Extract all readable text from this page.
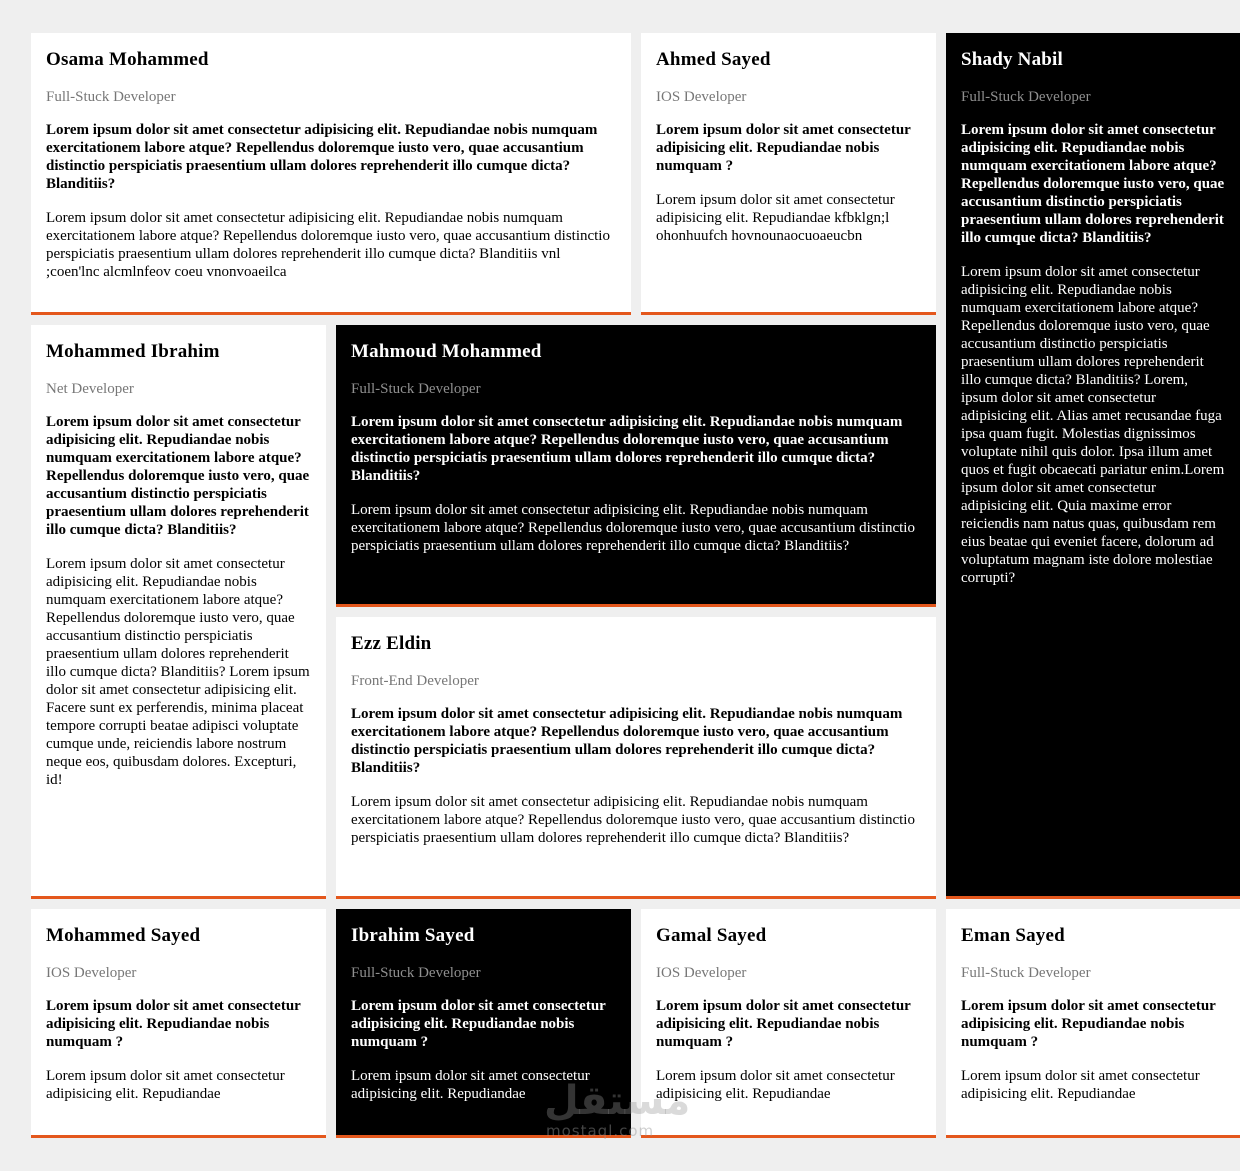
Osama Mohammed

Full-Stuck Developer

Lorem ipsum dolor sit amet consectetur adipisicing elit. Repudiandae nobis numquam exercitationem labore atque? Repellendus doloremque iusto vero, quae accusantium distinctio perspiciatis praesentium ullam dolores reprehenderit illo cumque dicta? Blanditiis?

Lorem ipsum dolor sit amet consectetur adipisicing elit. Repudiandae nobis numquam exercitationem labore atque? Repellendus doloremque iusto vero, quae accusantium distinctio perspiciatis praesentium ullam dolores reprehenderit illo cumque dicta? Blanditiis vnl ;coen'lnc alcmlnfeov coeu vnonvoaeilca

Ahmed Sayed

IOS Developer

Lorem ipsum dolor sit amet consectetur adipisicing elit. Repudiandae nobis numquam ?

Lorem ipsum dolor sit amet consectetur adipisicing elit. Repudiandae kfbklgn;l ohonhuufch hovnounaocuoaeucbn

Shady Nabil

Full-Stuck Developer

Lorem ipsum dolor sit amet consectetur adipisicing elit. Repudiandae nobis numquam exercitationem labore atque? Repellendus doloremque iusto vero, quae accusantium distinctio perspiciatis praesentium ullam dolores reprehenderit illo cumque dicta? Blanditiis?

Lorem ipsum dolor sit amet consectetur adipisicing elit. Repudiandae nobis numquam exercitationem labore atque? Repellendus doloremque iusto vero, quae accusantium distinctio perspiciatis praesentium ullam dolores reprehenderit illo cumque dicta? Blanditiis? Lorem, ipsum dolor sit amet consectetur adipisicing elit. Alias amet recusandae fuga ipsa quam fugit. Molestias dignissimos voluptate nihil quis dolor. Ipsa illum amet quos et fugit obcaecati pariatur enim.Lorem ipsum dolor sit amet consectetur adipisicing elit. Quia maxime error reiciendis nam natus quas, quibusdam rem eius beatae qui eveniet facere, dolorum ad voluptatum magnam iste dolore molestiae corrupti?

Mohammed Ibrahim

Net Developer

Lorem ipsum dolor sit amet consectetur adipisicing elit. Repudiandae nobis numquam exercitationem labore atque? Repellendus doloremque iusto vero, quae accusantium distinctio perspiciatis praesentium ullam dolores reprehenderit illo cumque dicta? Blanditiis?

Lorem ipsum dolor sit amet consectetur adipisicing elit. Repudiandae nobis numquam exercitationem labore atque? Repellendus doloremque iusto vero, quae accusantium distinctio perspiciatis praesentium ullam dolores reprehenderit illo cumque dicta? Blanditiis? Lorem ipsum dolor sit amet consectetur adipisicing elit. Facere sunt ex perferendis, minima placeat tempore corrupti beatae adipisci voluptate cumque unde, reiciendis labore nostrum neque eos, quibusdam dolores. Excepturi, id!

Mahmoud Mohammed

Full-Stuck Developer

Lorem ipsum dolor sit amet consectetur adipisicing elit. Repudiandae nobis numquam exercitationem labore atque? Repellendus doloremque iusto vero, quae accusantium distinctio perspiciatis praesentium ullam dolores reprehenderit illo cumque dicta? Blanditiis?

Lorem ipsum dolor sit amet consectetur adipisicing elit. Repudiandae nobis numquam exercitationem labore atque? Repellendus doloremque iusto vero, quae accusantium distinctio perspiciatis praesentium ullam dolores reprehenderit illo cumque dicta? Blanditiis?

Ezz Eldin

Front-End Developer

Lorem ipsum dolor sit amet consectetur adipisicing elit. Repudiandae nobis numquam exercitationem labore atque? Repellendus doloremque iusto vero, quae accusantium distinctio perspiciatis praesentium ullam dolores reprehenderit illo cumque dicta? Blanditiis?

Lorem ipsum dolor sit amet consectetur adipisicing elit. Repudiandae nobis numquam exercitationem labore atque? Repellendus doloremque iusto vero, quae accusantium distinctio perspiciatis praesentium ullam dolores reprehenderit illo cumque dicta? Blanditiis?

Mohammed Sayed

IOS Developer

Lorem ipsum dolor sit amet consectetur adipisicing elit. Repudiandae nobis numquam ?

Lorem ipsum dolor sit amet consectetur adipisicing elit. Repudiandae

Ibrahim Sayed

Full-Stuck Developer

Lorem ipsum dolor sit amet consectetur adipisicing elit. Repudiandae nobis numquam ?

Lorem ipsum dolor sit amet consectetur adipisicing elit. Repudiandae

Gamal Sayed

IOS Developer

Lorem ipsum dolor sit amet consectetur adipisicing elit. Repudiandae nobis numquam ?

Lorem ipsum dolor sit amet consectetur adipisicing elit. Repudiandae

Eman Sayed

Full-Stuck Developer

Lorem ipsum dolor sit amet consectetur adipisicing elit. Repudiandae nobis numquam ?

Lorem ipsum dolor sit amet consectetur adipisicing elit. Repudiandae

مستقل
mostaql.com
